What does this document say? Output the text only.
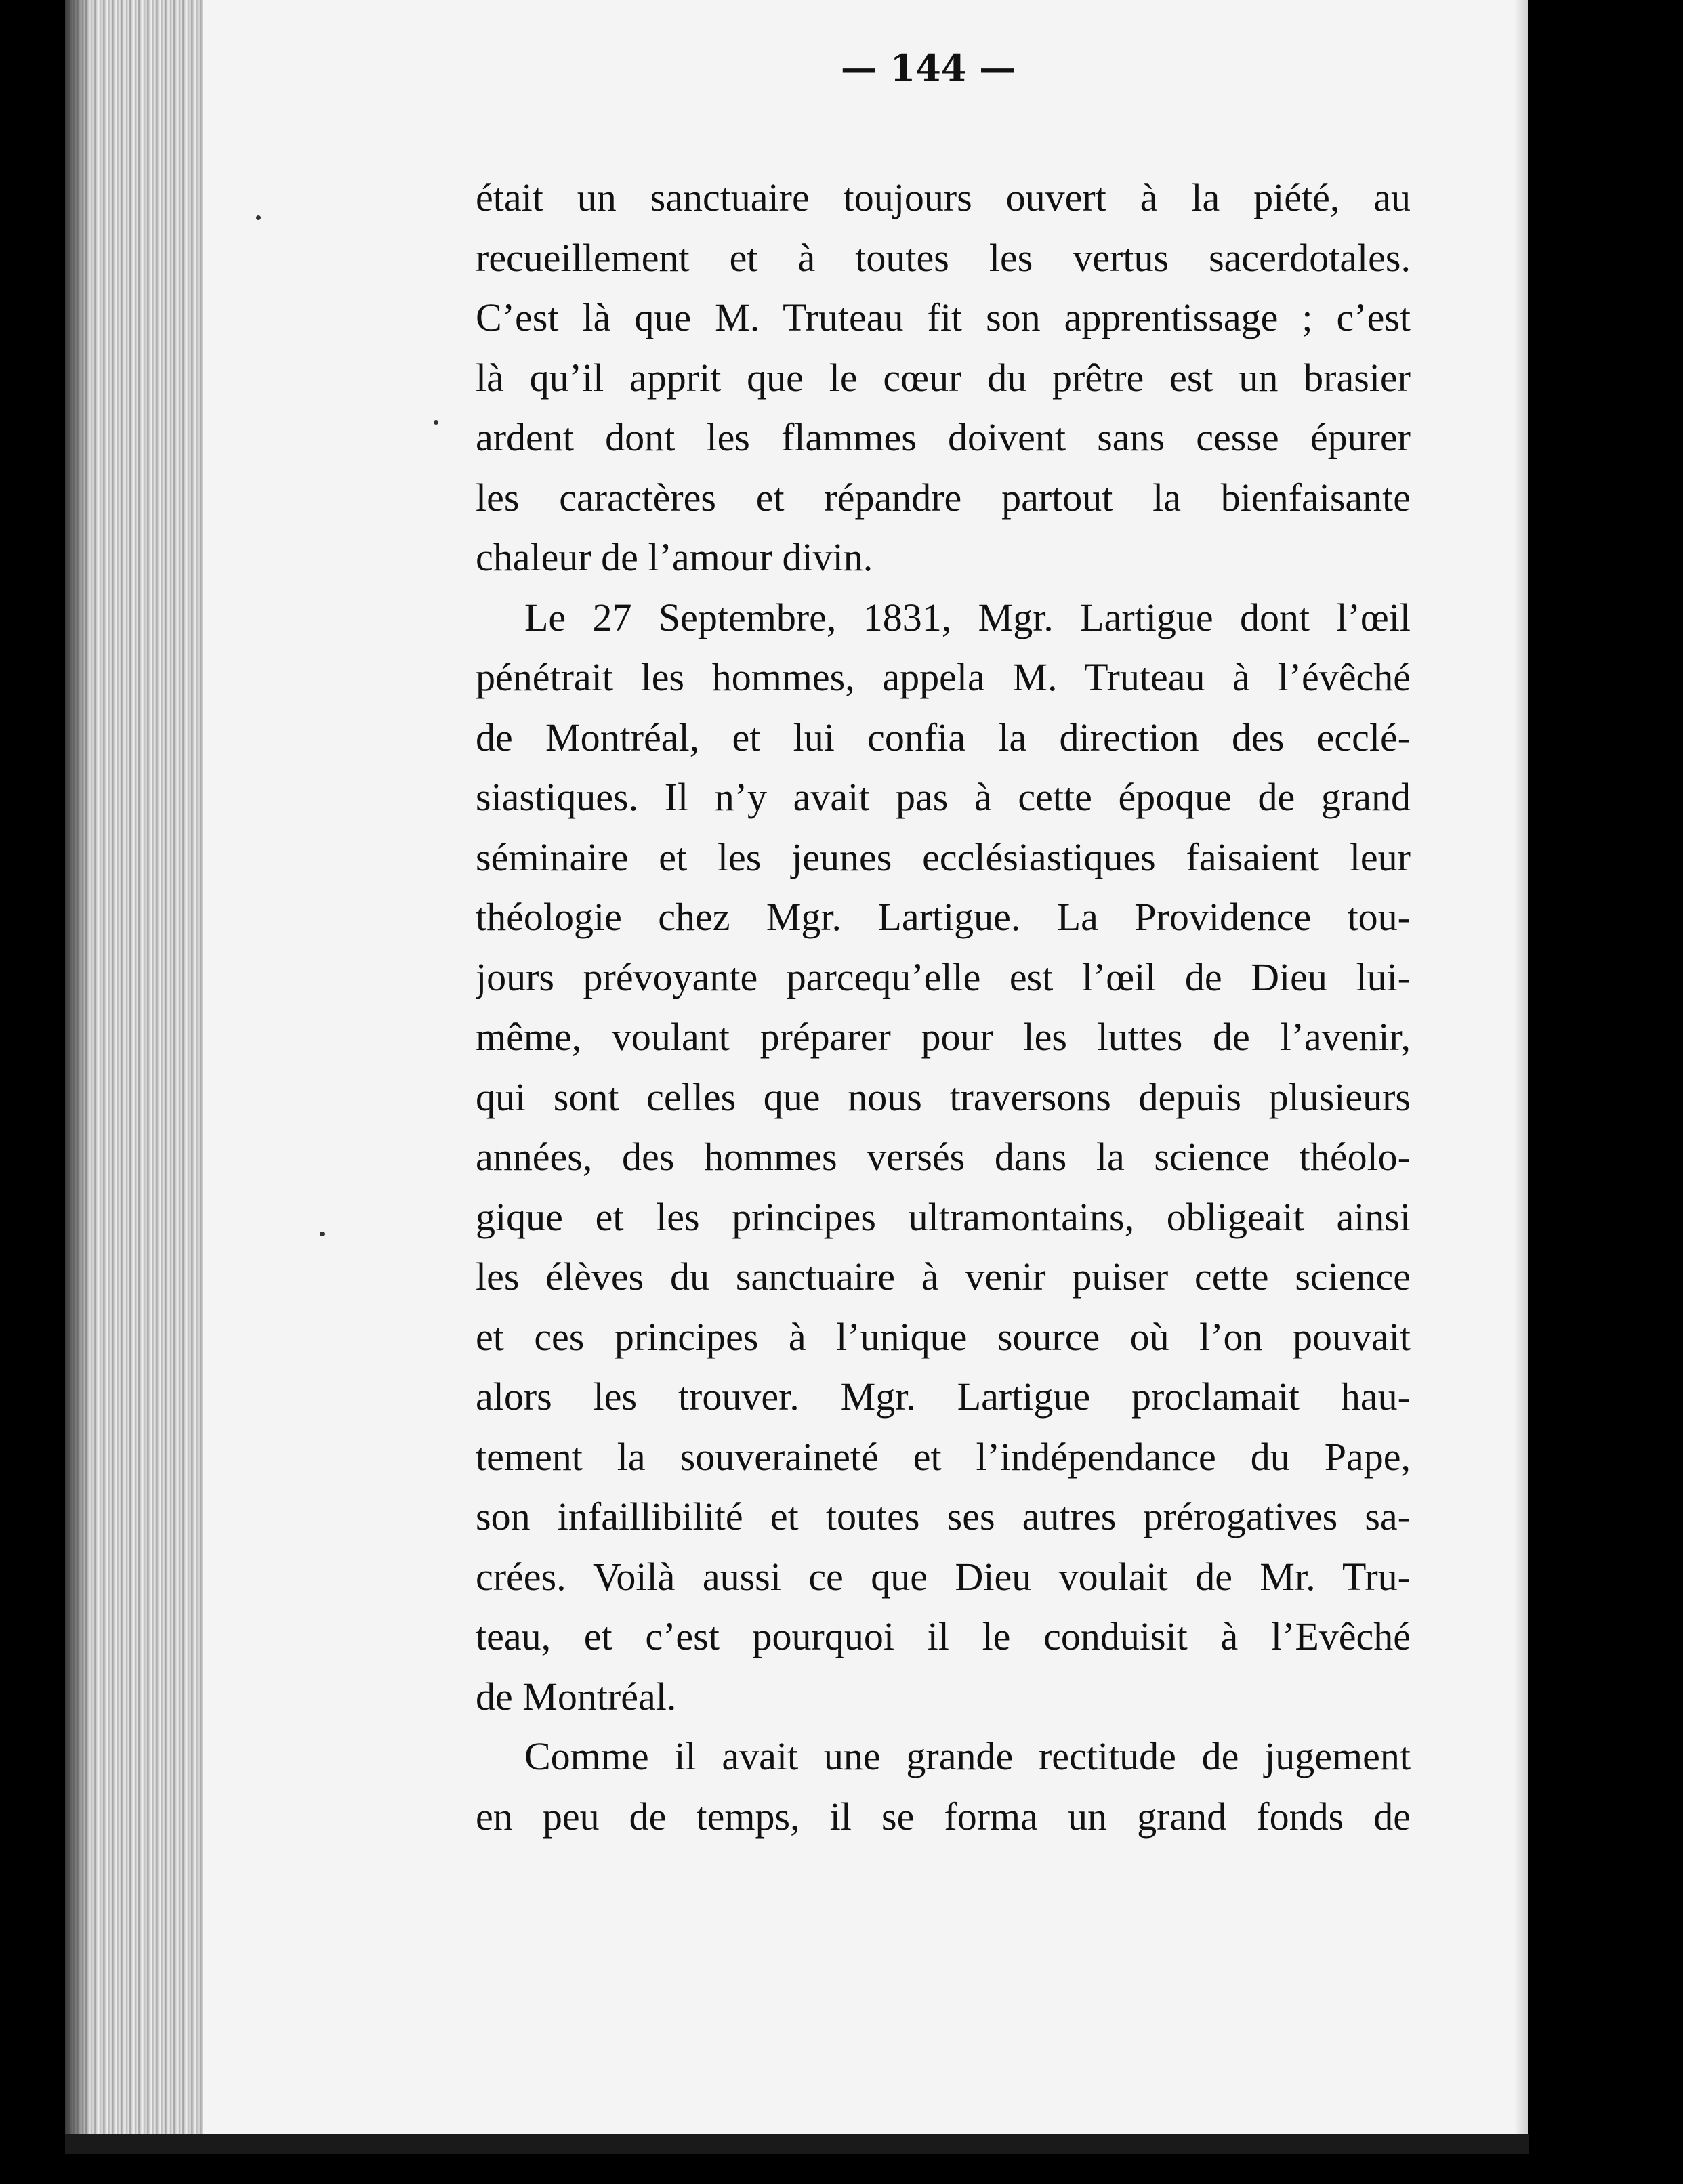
— 144 —
était un sanctuaire toujours ouvert à la piété, au
recueillement et à toutes les vertus sacerdotales.
C’est là que M. Truteau fit son apprentissage ; c’est
là qu’il apprit que le cœur du prêtre est un brasier
ardent dont les flammes doivent sans cesse épurer
les caractères et répandre partout la bienfaisante
chaleur de l’amour divin.
Le 27 Septembre, 1831, Mgr. Lartigue dont l’œil
pénétrait les hommes, appela M. Truteau à l’évêché
de Montréal, et lui confia la direction des ecclé-
siastiques. Il n’y avait pas à cette époque de grand
séminaire et les jeunes ecclésiastiques faisaient leur
théologie chez Mgr. Lartigue. La Providence tou-
jours prévoyante parcequ’elle est l’œil de Dieu lui-
même, voulant préparer pour les luttes de l’avenir,
qui sont celles que nous traversons depuis plusieurs
années, des hommes versés dans la science théolo-
gique et les principes ultramontains, obligeait ainsi
les élèves du sanctuaire à venir puiser cette science
et ces principes à l’unique source où l’on pouvait
alors les trouver. Mgr. Lartigue proclamait hau-
tement la souveraineté et l’indépendance du Pape,
son infaillibilité et toutes ses autres prérogatives sa-
crées. Voilà aussi ce que Dieu voulait de Mr. Tru-
teau, et c’est pourquoi il le conduisit à l’Evêché
de Montréal.
Comme il avait une grande rectitude de jugement
en peu de temps, il se forma un grand fonds de
